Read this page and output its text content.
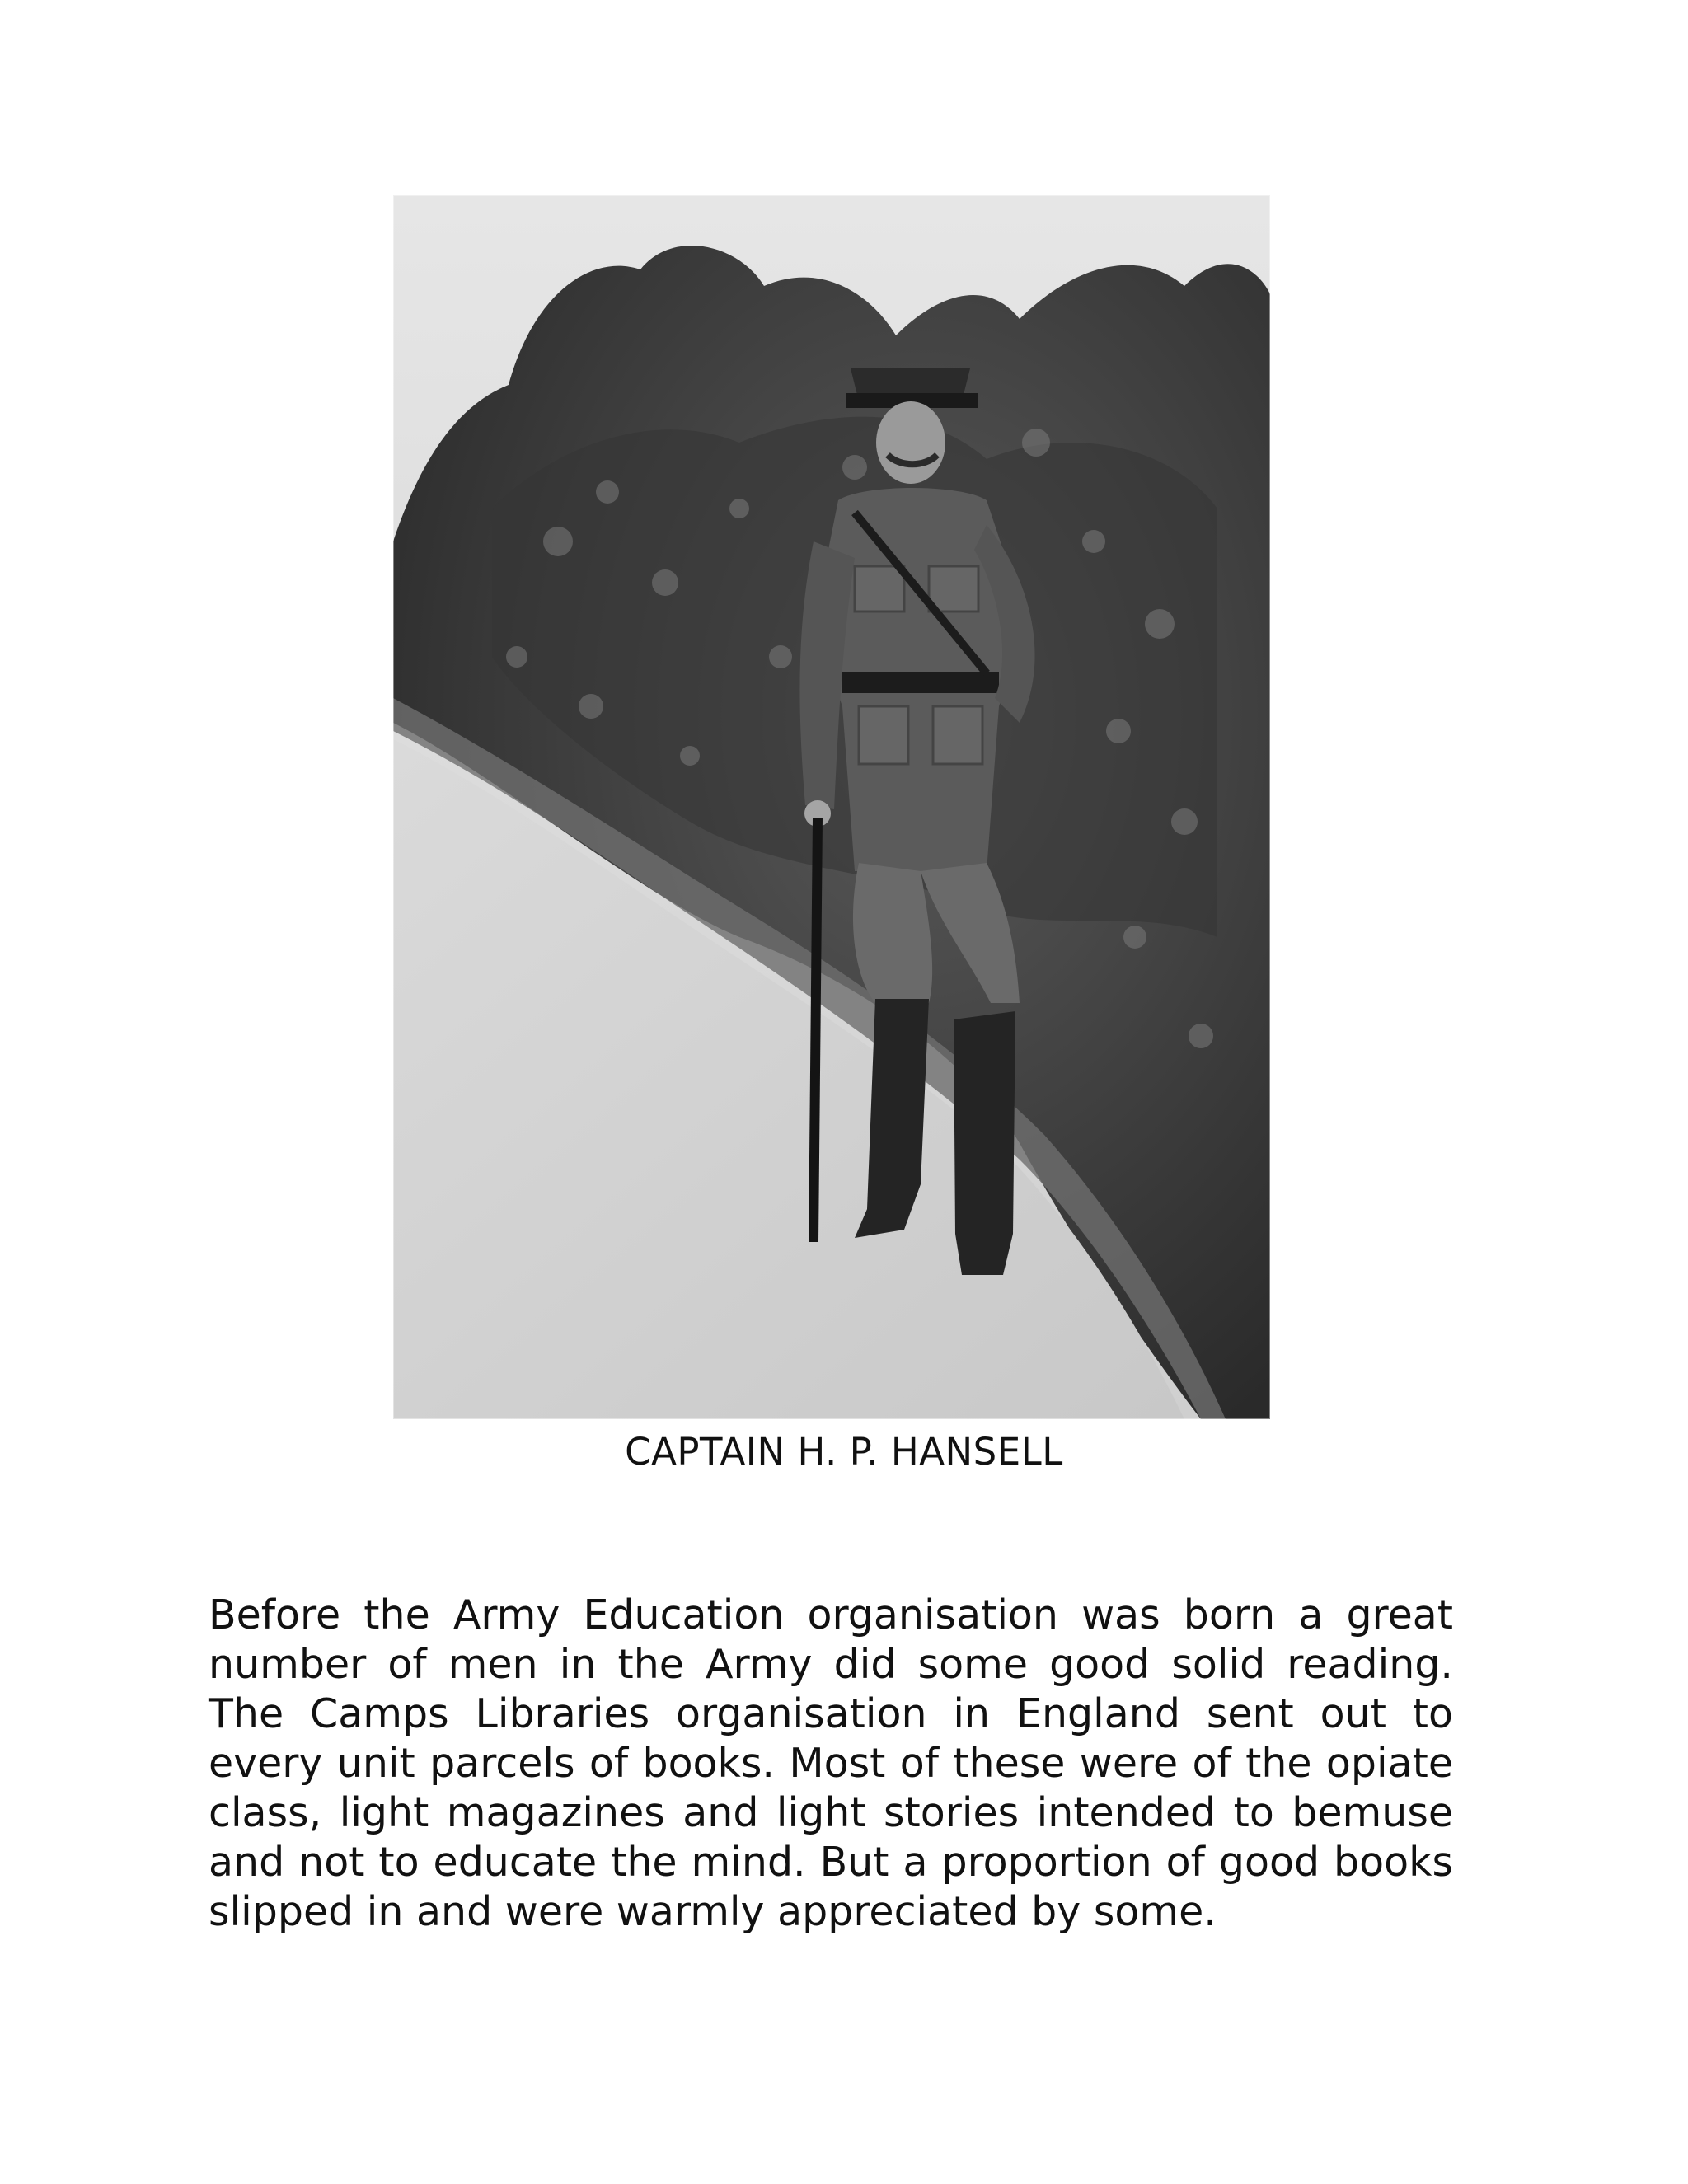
CAPTAIN H. P. HANSELL

Before the Army Education organisation was born a great number of men in the Army did some good solid reading. The Camps Libraries organisation in England sent out to every unit parcels of books. Most of these were of the opiate class, light magazines and light stories intended to bemuse and not to educate the mind. But a proportion of good books slipped in and were warmly appreciated by some.
